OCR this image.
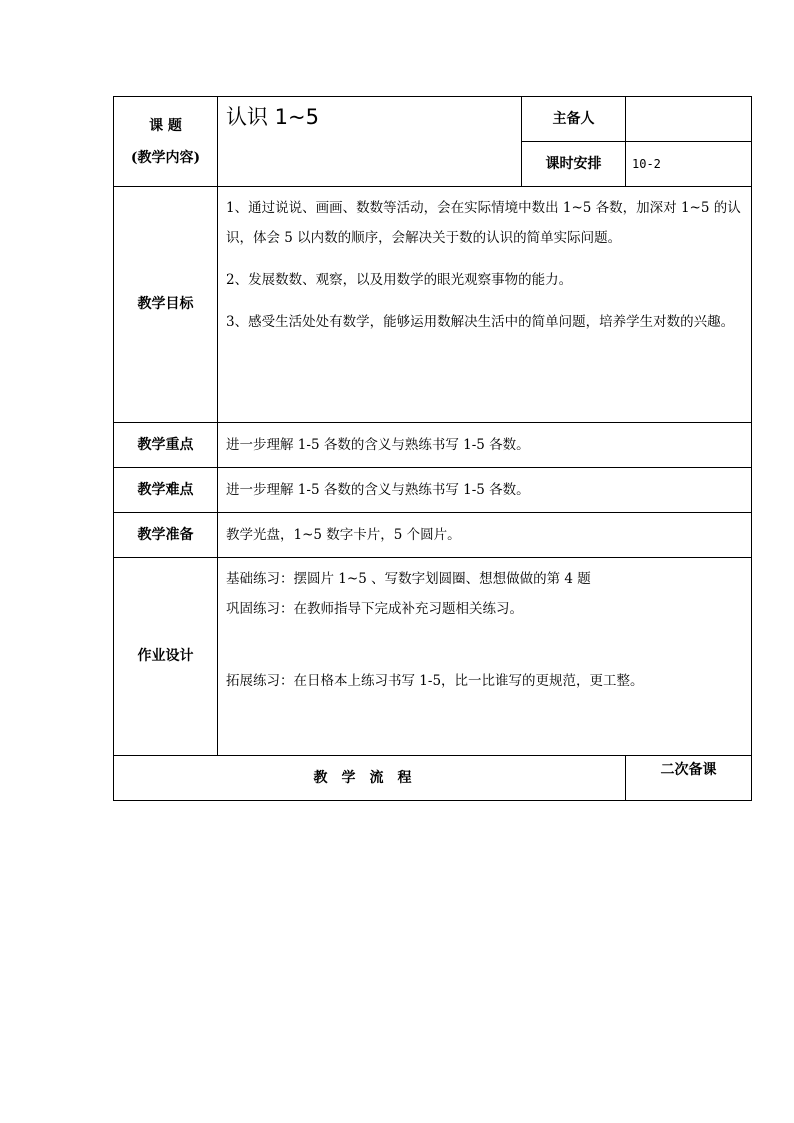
课 题
(教学内容)	认识 1~5	主备人	
		课时安排	10-2
教学目标	1、通过说说、画画、数数等活动，会在实际情境中数出 1~5 各数，加深对 1~5 的认识，体会 5 以内数的顺序，会解决关于数的认识的简单实际问题。

2、发展数数、观察，以及用数学的眼光观察事物的能力。

3、感受生活处处有数学，能够运用数解决生活中的简单问题，培养学生对数的兴趣。		

教学重点	进一步理解 1-5 各数的含义与熟练书写 1-5 各数。		
教学难点	进一步理解 1-5 各数的含义与熟练书写 1-5 各数。		
教学准备	教学光盘，1~5 数字卡片，5 个圆片。		
作业设计	基础练习：摆圆片 1~5 、写数字划圆圈、想想做做的第 4 题

巩固练习：在教师指导下完成补充习题相关练习。

拓展练习：在日格本上练习书写 1-5，比一比谁写的更规范，更工整。		

教学流程			二次备课
